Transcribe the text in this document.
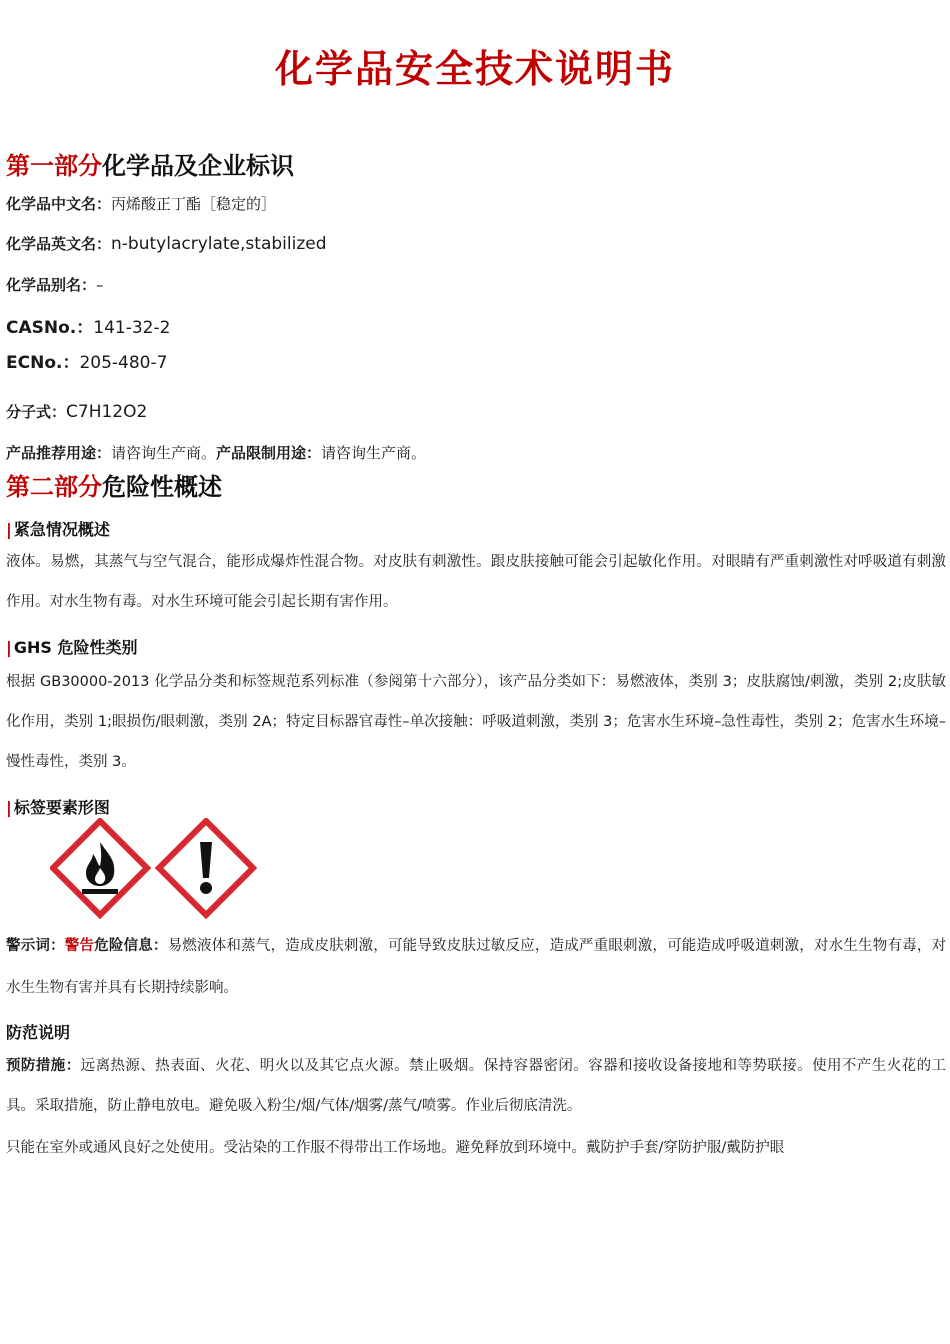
化学品安全技术说明书
第一部分化学品及企业标识
化学品中文名：丙烯酸正丁酯［稳定的］
化学品英文名：n-butylacrylate,stabilized
化学品别名：–
CASNo.：141-32-2
ECNo.：205-480-7
分子式：C7H12O2
产品推荐用途：请咨询生产商。产品限制用途：请咨询生产商。
第二部分危险性概述
| 紧急情况概述

液体。易燃，其蒸气与空气混合，能形成爆炸性混合物。对皮肤有刺激性。跟皮肤接触可能会引起敏化作用。对眼睛有严重刺激性对呼吸道有刺激作用。对水生物有毒。对水生环境可能会引起长期有害作用。

| GHS 危险性类别

根据 GB30000-2013 化学品分类和标签规范系列标准（参阅第十六部分），该产品分类如下：易燃液体，类别 3；皮肤腐蚀/刺激，类别 2;皮肤敏化作用，类别 1;眼损伤/眼刺激，类别 2A；特定目标器官毒性–单次接触：呼吸道刺激，类别 3；危害水生环境–急性毒性，类别 2；危害水生环境–慢性毒性，类别 3。

| 标签要素形图

警示词：警告危险信息：易燃液体和蒸气，造成皮肤刺激，可能导致皮肤过敏反应，造成严重眼刺激，可能造成呼吸道刺激，对水生生物有毒，对水生生物有害并具有长期持续影响。

防范说明

预防措施：远离热源、热表面、火花、明火以及其它点火源。禁止吸烟。保持容器密闭。容器和接收设备接地和等势联接。使用不产生火花的工具。采取措施，防止静电放电。避免吸入粉尘/烟/气体/烟雾/蒸气/喷雾。作业后彻底清洗。

只能在室外或通风良好之处使用。受沾染的工作服不得带出工作场地。避免释放到环境中。戴防护手套/穿防护服/戴防护眼
